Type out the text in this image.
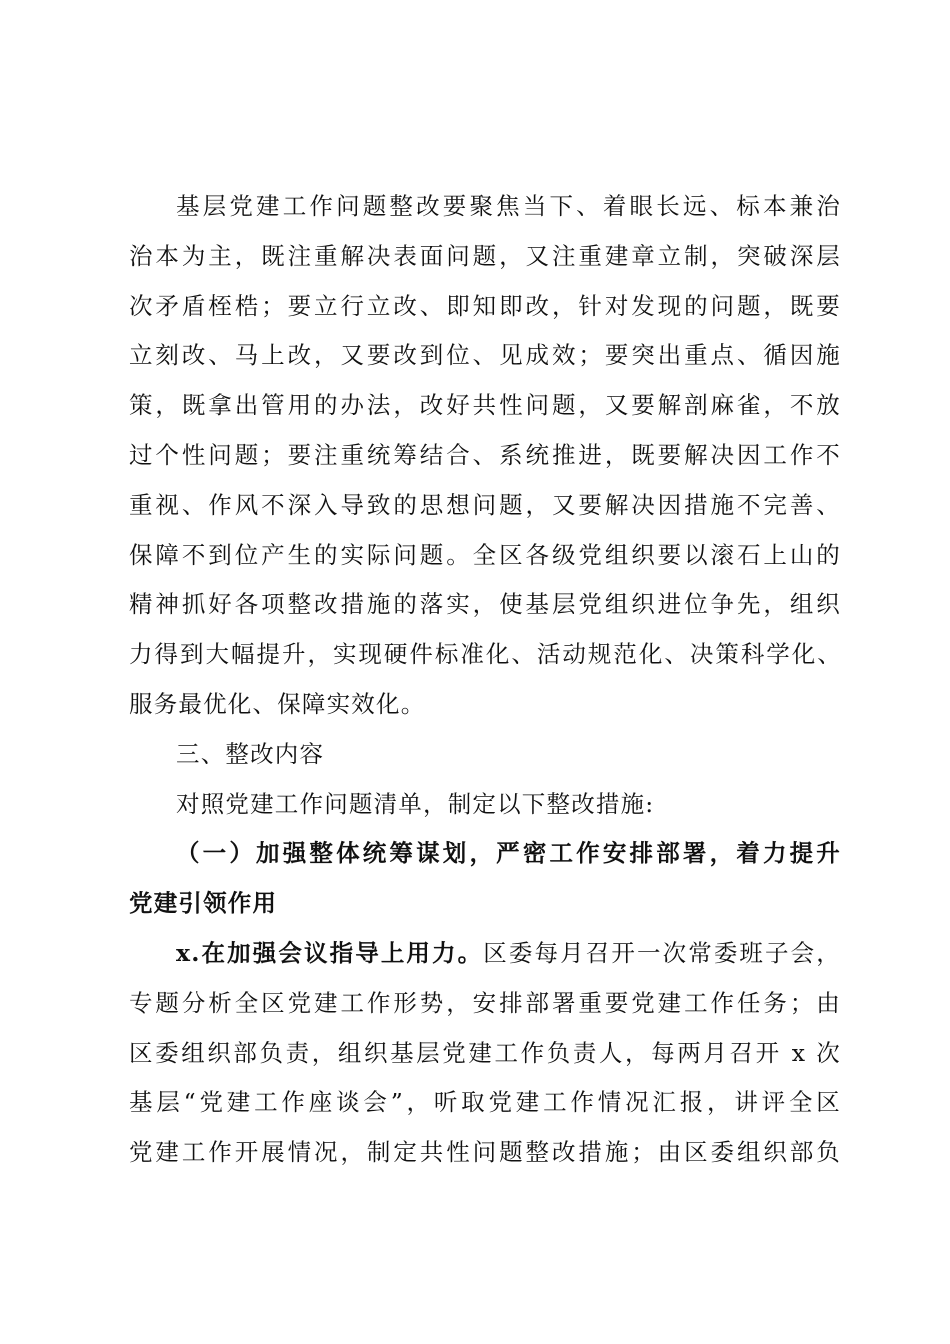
基层党建工作问题整改要聚焦当下、着眼长远、标本兼治
治本为主，既注重解决表面问题，又注重建章立制，突破深层
次矛盾桎梏；要立行立改、即知即改，针对发现的问题，既要
立刻改、马上改，又要改到位、见成效；要突出重点、循因施
策，既拿出管用的办法，改好共性问题，又要解剖麻雀，不放
过个性问题；要注重统筹结合、系统推进，既要解决因工作不
重视、作风不深入导致的思想问题，又要解决因措施不完善、
保障不到位产生的实际问题。全区各级党组织要以滚石上山的
精神抓好各项整改措施的落实，使基层党组织进位争先，组织
力得到大幅提升，实现硬件标准化、活动规范化、决策科学化、
服务最优化、保障实效化。
三、整改内容
对照党建工作问题清单，制定以下整改措施:
（一）加强整体统筹谋划，严密工作安排部署，着力提升
党建引领作用
x.在加强会议指导上用力。区委每月召开一次常委班子会，
专题分析全区党建工作形势，安排部署重要党建工作任务；由
区委组织部负责，组织基层党建工作负责人，每两月召开 x 次
基层“党建工作座谈会”，听取党建工作情况汇报，讲评全区
党建工作开展情况，制定共性问题整改措施；由区委组织部负
